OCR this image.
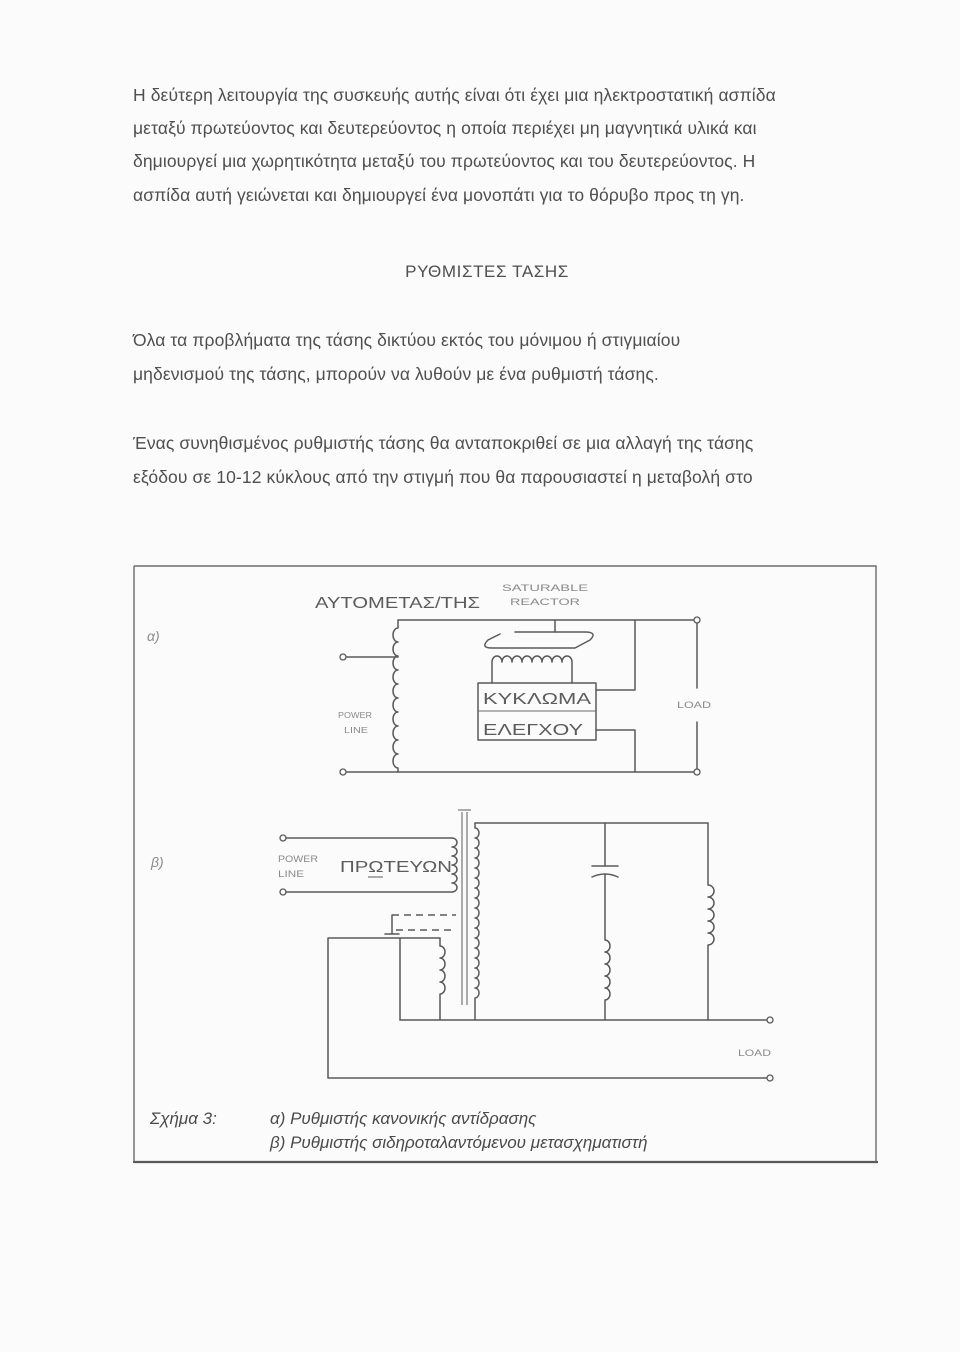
Η δεύτερη λειτουργία της συσκευής αυτής είναι ότι έχει μια ηλεκτροστατική ασπίδα
μεταξύ πρωτεύοντος και δευτερεύοντος η οποία περιέχει μη μαγνητικά υλικά και
δημιουργεί μια χωρητικότητα μεταξύ του πρωτεύοντος και του δευτερεύοντος. Η
ασπίδα αυτή γειώνεται και δημιουργεί ένα μονοπάτι για το θόρυβο προς τη γη.
ΡΥΘΜΙΣΤΕΣ ΤΑΣΗΣ
Όλα τα προβλήματα της τάσης δικτύου εκτός του μόνιμου ή στιγμιαίου
μηδενισμού της τάσης, μπορούν να λυθούν με ένα ρυθμιστή τάσης.
Ένας συνηθισμένος ρυθμιστής τάσης θα ανταποκριθεί σε μια αλλαγή της τάσης
εξόδου σε 10-12 κύκλους από την στιγμή που θα παρουσιαστεί η μεταβολή στο
α)
ΑΥΤΟΜΕΤΑΣ/ΤΗΣ
SATURABLE
REACTOR
POWER
LINE
ΚΥΚΛΩΜΑ
ΕΛΕΓΧΟΥ
LOAD
β)	POWER
LINE ΠΡΩΤΕΥΩΝ
LOAD
Σχήμα 3:	α) Ρυθμιστής κανονικής αντίδρασης
β) Ρυθμιστής σιδηροταλαντόμενου μετασχηματιστή
